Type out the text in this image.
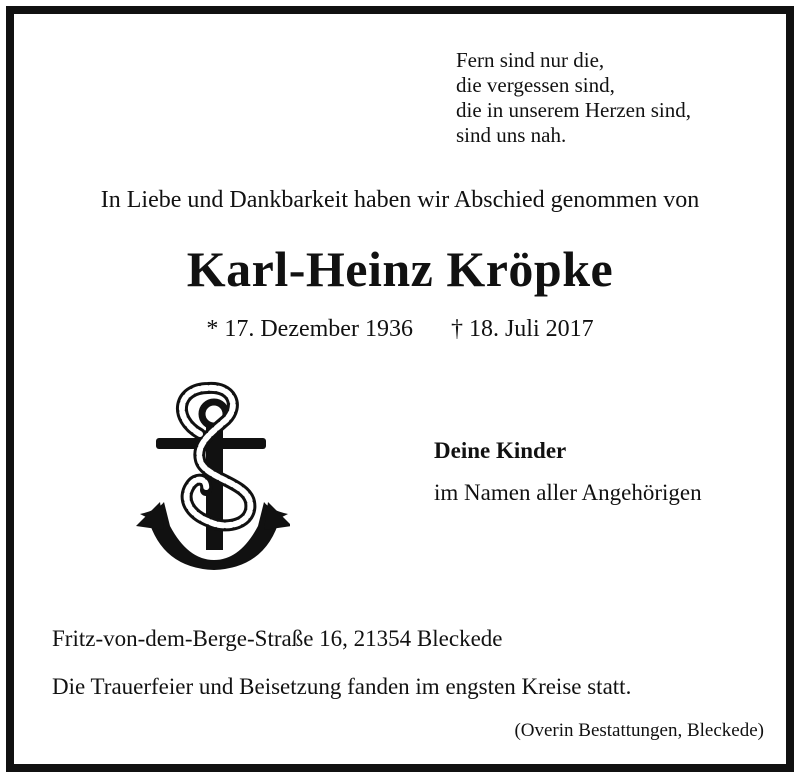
Fern sind nur die,
die vergessen sind,
die in unserem Herzen sind,
sind uns nah.
In Liebe und Dankbarkeit haben wir Abschied genommen von
Karl-Heinz Kröpke
* 17. Dezember 1936 † 18. Juli 2017
Deine Kinder
im Namen aller Angehörigen
Fritz-von-dem-Berge-Straße 16, 21354 Bleckede
Die Trauerfeier und Beisetzung fanden im engsten Kreise statt.
(Overin Bestattungen, Bleckede)
